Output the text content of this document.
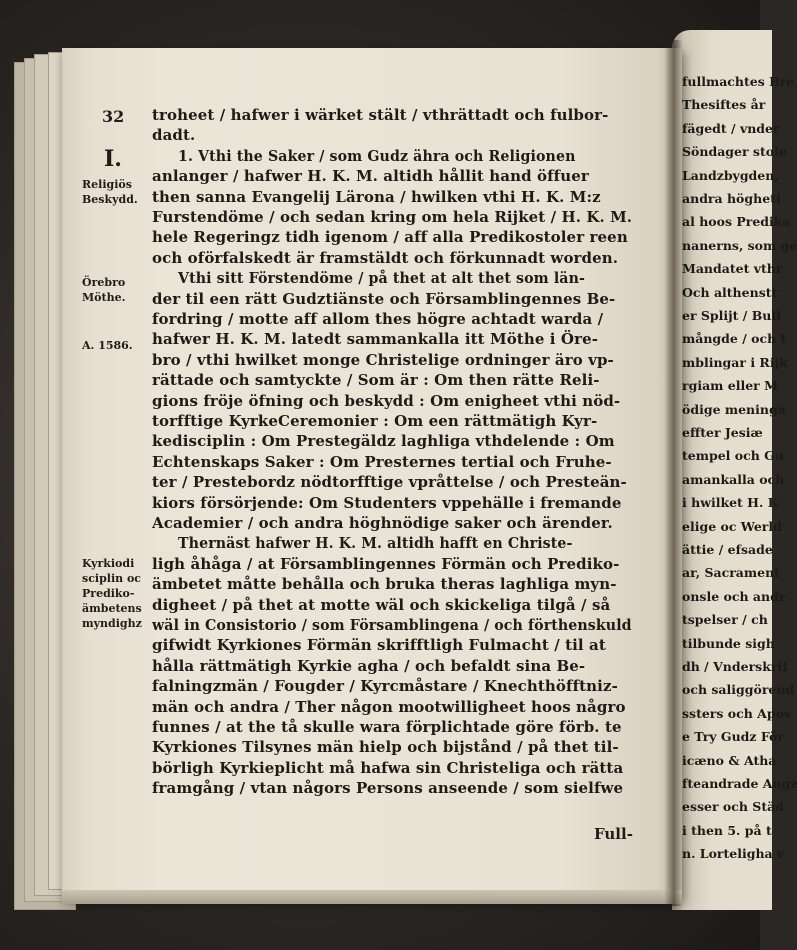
fullmachtes Bre
Thesiftes år
fägedt / vnder
Söndager stole
Landzbygden,
andra högheti
al hoos Predika
nanerns, som ge
Mandatet vthr
Och althenstt
er Splijt / Bull
mångde / och t
mblingar i Rijk
rgiam eller M
ödige meninga
effter Jesiæ
tempel och Gu
amankalla och
i hwilket H. K
elige oc Werld
ättie / efsade
ar, Sacrament
onsle och andr
tspelser / ch
tilbunde sigh
dh / Vnderskrif
och saliggörend
ssters och Apos
e Try Gudz För
icæno & Atha
fteandrade Angz
esser och Städ
i then 5. på t
n. Lorteligha v
32
I.
troheet / hafwer i wärket stält / vthrättadt och fulbor-
dadt.
1. Vthi the Saker / som Gudz ähra och Religionen
anlanger / hafwer H. K. M. altidh hållit hand öffuer
then sanna Evangelij Lärona / hwilken vthi H. K. M:z
Furstendöme / och sedan kring om hela Rijket / H. K. M.
hele Regeringz tidh igenom / aff alla Predikostoler reen
och oförfalskedt är framstäldt och förkunnadt worden.
Vthi sitt Förstendöme / på thet at alt thet som län-
der til een rätt Gudztiänste och Församblingennes Be-
fordring / motte aff allom thes högre achtadt warda /
hafwer H. K. M. latedt sammankalla itt Möthe i Öre-
bro / vthi hwilket monge Christelige ordninger äro vp-
rättade och samtyckte / Som är : Om then rätte Reli-
gions fröje öfning och beskydd : Om enigheet vthi nöd-
torfftige KyrkeCeremonier : Om een rättmätigh Kyr-
kedisciplin : Om Prestegäldz laghliga vthdelende : Om
Echtenskaps Saker : Om Presternes tertial och Fruhe-
ter / Prestebordz nödtorfftige vpråttelse / och Presteän-
kiors försörjende: Om Studenters vppehälle i fremande
Academier / och andra höghnödige saker och ärender.
Thernäst hafwer H. K. M. altidh hafft en Christe-
ligh åhåga / at Församblingennes Förmän och Prediko-
ämbetet måtte behålla och bruka theras laghliga myn-
digheet / på thet at motte wäl och skickeliga tilgå / så
wäl in Consistorio / som Församblingena / och förthenskuld
gifwidt Kyrkiones Förmän skrifftligh Fulmacht / til at
hålla rättmätigh Kyrkie agha / och befaldt sina Be-
falningzmän / Fougder / Kyrcmåstare / Knechthöfftniz-
män och andra / Ther någon mootwilligheet hoos någro
funnes / at the tå skulle wara förplichtade göre förb. te
Kyrkiones Tilsynes män hielp och bijstånd / på thet til-
börligh Kyrkieplicht må hafwa sin Christeliga och rätta
framgång / vtan någors Persons anseende / som sielfwe
Religiös
Beskydd.
Örebro
Möthe.
A. 1586.
Kyrkiodi
sciplin oc
Prediko-
ämbetens
myndighz
Full-
